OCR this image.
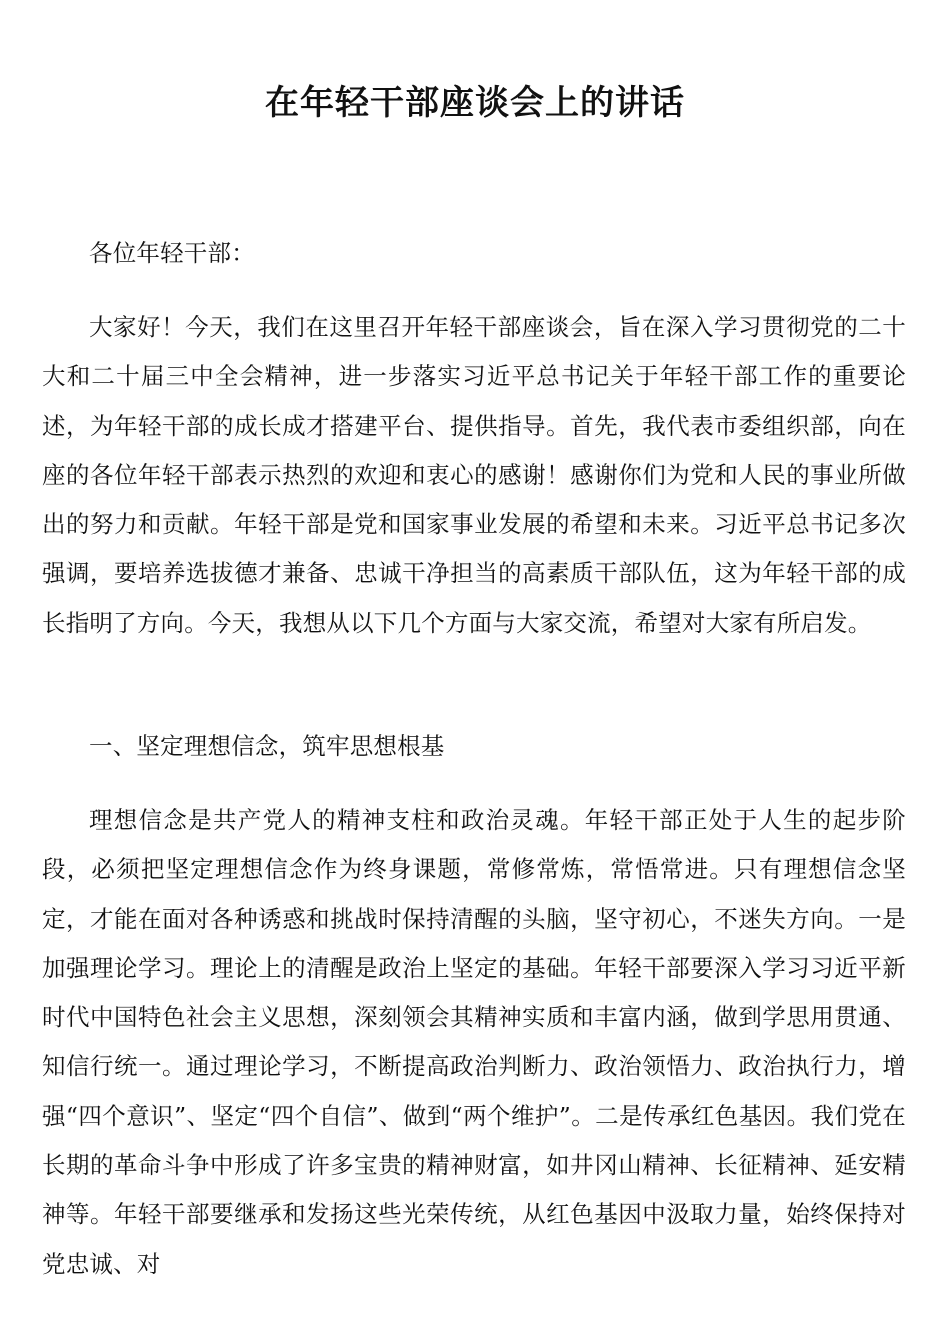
在年轻干部座谈会上的讲话

各位年轻干部：

大家好！今天，我们在这里召开年轻干部座谈会，旨在深入学习贯彻党的二十大和二十届三中全会精神，进一步落实习近平总书记关于年轻干部工作的重要论述，为年轻干部的成长成才搭建平台、提供指导。首先，我代表市委组织部，向在座的各位年轻干部表示热烈的欢迎和衷心的感谢！感谢你们为党和人民的事业所做出的努力和贡献。年轻干部是党和国家事业发展的希望和未来。习近平总书记多次强调，要培养选拔德才兼备、忠诚干净担当的高素质干部队伍，这为年轻干部的成长指明了方向。今天，我想从以下几个方面与大家交流，希望对大家有所启发。

一、坚定理想信念，筑牢思想根基

理想信念是共产党人的精神支柱和政治灵魂。年轻干部正处于人生的起步阶段，必须把坚定理想信念作为终身课题，常修常炼，常悟常进。只有理想信念坚定，才能在面对各种诱惑和挑战时保持清醒的头脑，坚守初心，不迷失方向。一是加强理论学习。理论上的清醒是政治上坚定的基础。年轻干部要深入学习习近平新时代中国特色社会主义思想，深刻领会其精神实质和丰富内涵，做到学思用贯通、知信行统一。通过理论学习，不断提高政治判断力、政治领悟力、政治执行力，增强“四个意识”、坚定“四个自信”、做到“两个维护”。二是传承红色基因。我们党在长期的革命斗争中形成了许多宝贵的精神财富，如井冈山精神、长征精神、延安精神等。年轻干部要继承和发扬这些光荣传统，从红色基因中汲取力量，始终保持对党忠诚、对
